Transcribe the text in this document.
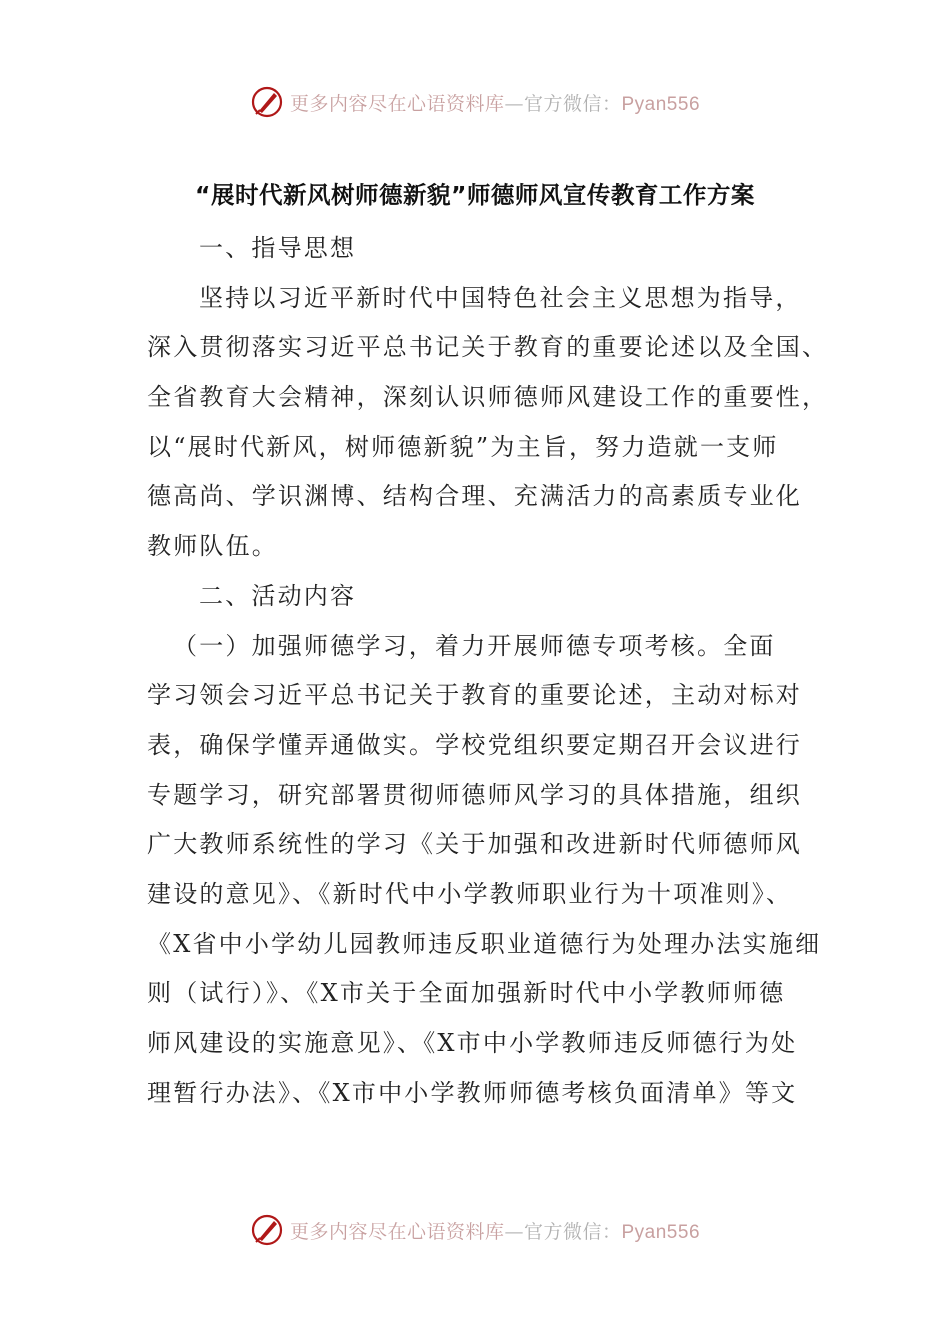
更多内容尽在心语资料库—官方微信：Pyan556
“展时代新风树师德新貌”师德师风宣传教育工作方案
一、指导思想
坚持以习近平新时代中国特色社会主义思想为指导，
深入贯彻落实习近平总书记关于教育的重要论述以及全国、
全省教育大会精神，深刻认识师德师风建设工作的重要性，
以“展时代新风，树师德新貌”为主旨，努力造就一支师
德高尚、学识渊博、结构合理、充满活力的高素质专业化
教师队伍。
二、活动内容
（一）加强师德学习，着力开展师德专项考核。全面
学习领会习近平总书记关于教育的重要论述，主动对标对
表，确保学懂弄通做实。学校党组织要定期召开会议进行
专题学习，研究部署贯彻师德师风学习的具体措施，组织
广大教师系统性的学习《关于加强和改进新时代师德师风
建设的意见》、《新时代中小学教师职业行为十项准则》、
《X省中小学幼儿园教师违反职业道德行为处理办法实施细
则（试行）》、《X市关于全面加强新时代中小学教师师德
师风建设的实施意见》、《X市中小学教师违反师德行为处
理暂行办法》、《X市中小学教师师德考核负面清单》等文
更多内容尽在心语资料库—官方微信：Pyan556
